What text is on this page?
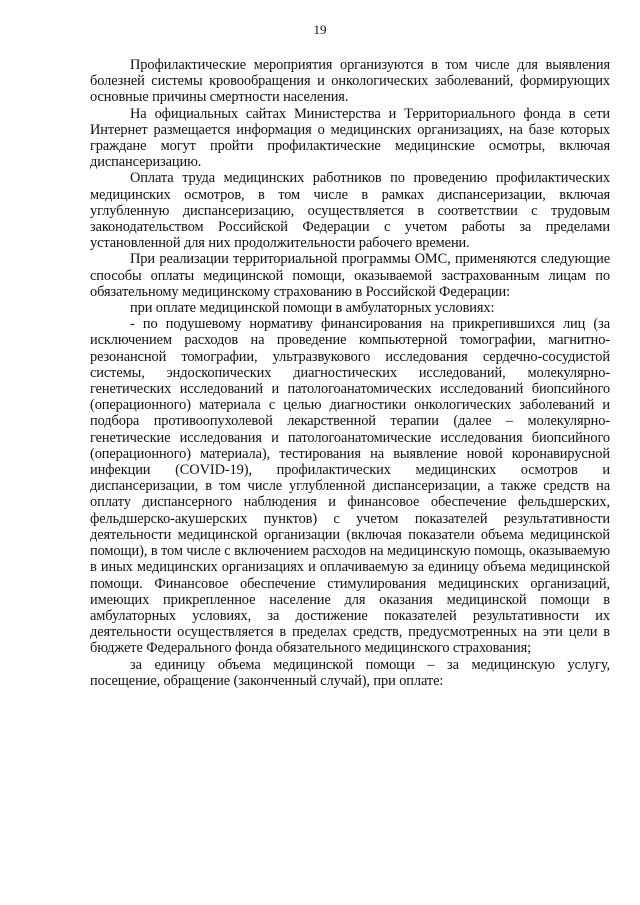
19

Профилактические мероприятия организуются в том числе для выявления болезней системы кровообращения и онкологических заболеваний, формирующих основные причины смертности населения.

На официальных сайтах Министерства и Территориального фонда в сети Интернет размещается информация о медицинских организациях, на базе которых граждане могут пройти профилактические медицинские осмотры, включая диспансеризацию.

Оплата труда медицинских работников по проведению профилактических медицинских осмотров, в том числе в рамках диспансеризации, включая углубленную диспансеризацию, осуществляется в соответствии с трудовым законодательством Российской Федерации с учетом работы за пределами установленной для них продолжительности рабочего времени.

При реализации территориальной программы ОМС, применяются следующие способы оплаты медицинской помощи, оказываемой застрахованным лицам по обязательному медицинскому страхованию в Российской Федерации:

при оплате медицинской помощи в амбулаторных условиях:

- по подушевому нормативу финансирования на прикрепившихся лиц (за исключением расходов на проведение компьютерной томографии, магнитно-резонансной томографии, ультразвукового исследования сердечно-сосудистой системы, эндоскопических диагностических исследований, молекулярно-генетических исследований и патологоанатомических исследований биопсийного (операционного) материала с целью диагностики онкологических заболеваний и подбора противоопухолевой лекарственной терапии (далее – молекулярно-генетические исследования и патологоанатомические исследования биопсийного (операционного) материала), тестирования на выявление новой коронавирусной инфекции (COVID-19), профилактических медицинских осмотров и диспансеризации, в том числе углубленной диспансеризации, а также средств на оплату диспансерного наблюдения и финансовое обеспечение фельдшерских, фельдшерско-акушерских пунктов) с учетом показателей результативности деятельности медицинской организации (включая показатели объема медицинской помощи), в том числе с включением расходов на медицинскую помощь, оказываемую в иных медицинских организациях и оплачиваемую за единицу объема медицинской помощи. Финансовое обеспечение стимулирования медицинских организаций, имеющих прикрепленное население для оказания медицинской помощи в амбулаторных условиях, за достижение показателей результативности их деятельности осуществляется в пределах средств, предусмотренных на эти цели в бюджете Федерального фонда обязательного медицинского страхования;

за единицу объема медицинской помощи – за медицинскую услугу, посещение, обращение (законченный случай), при оплате:
